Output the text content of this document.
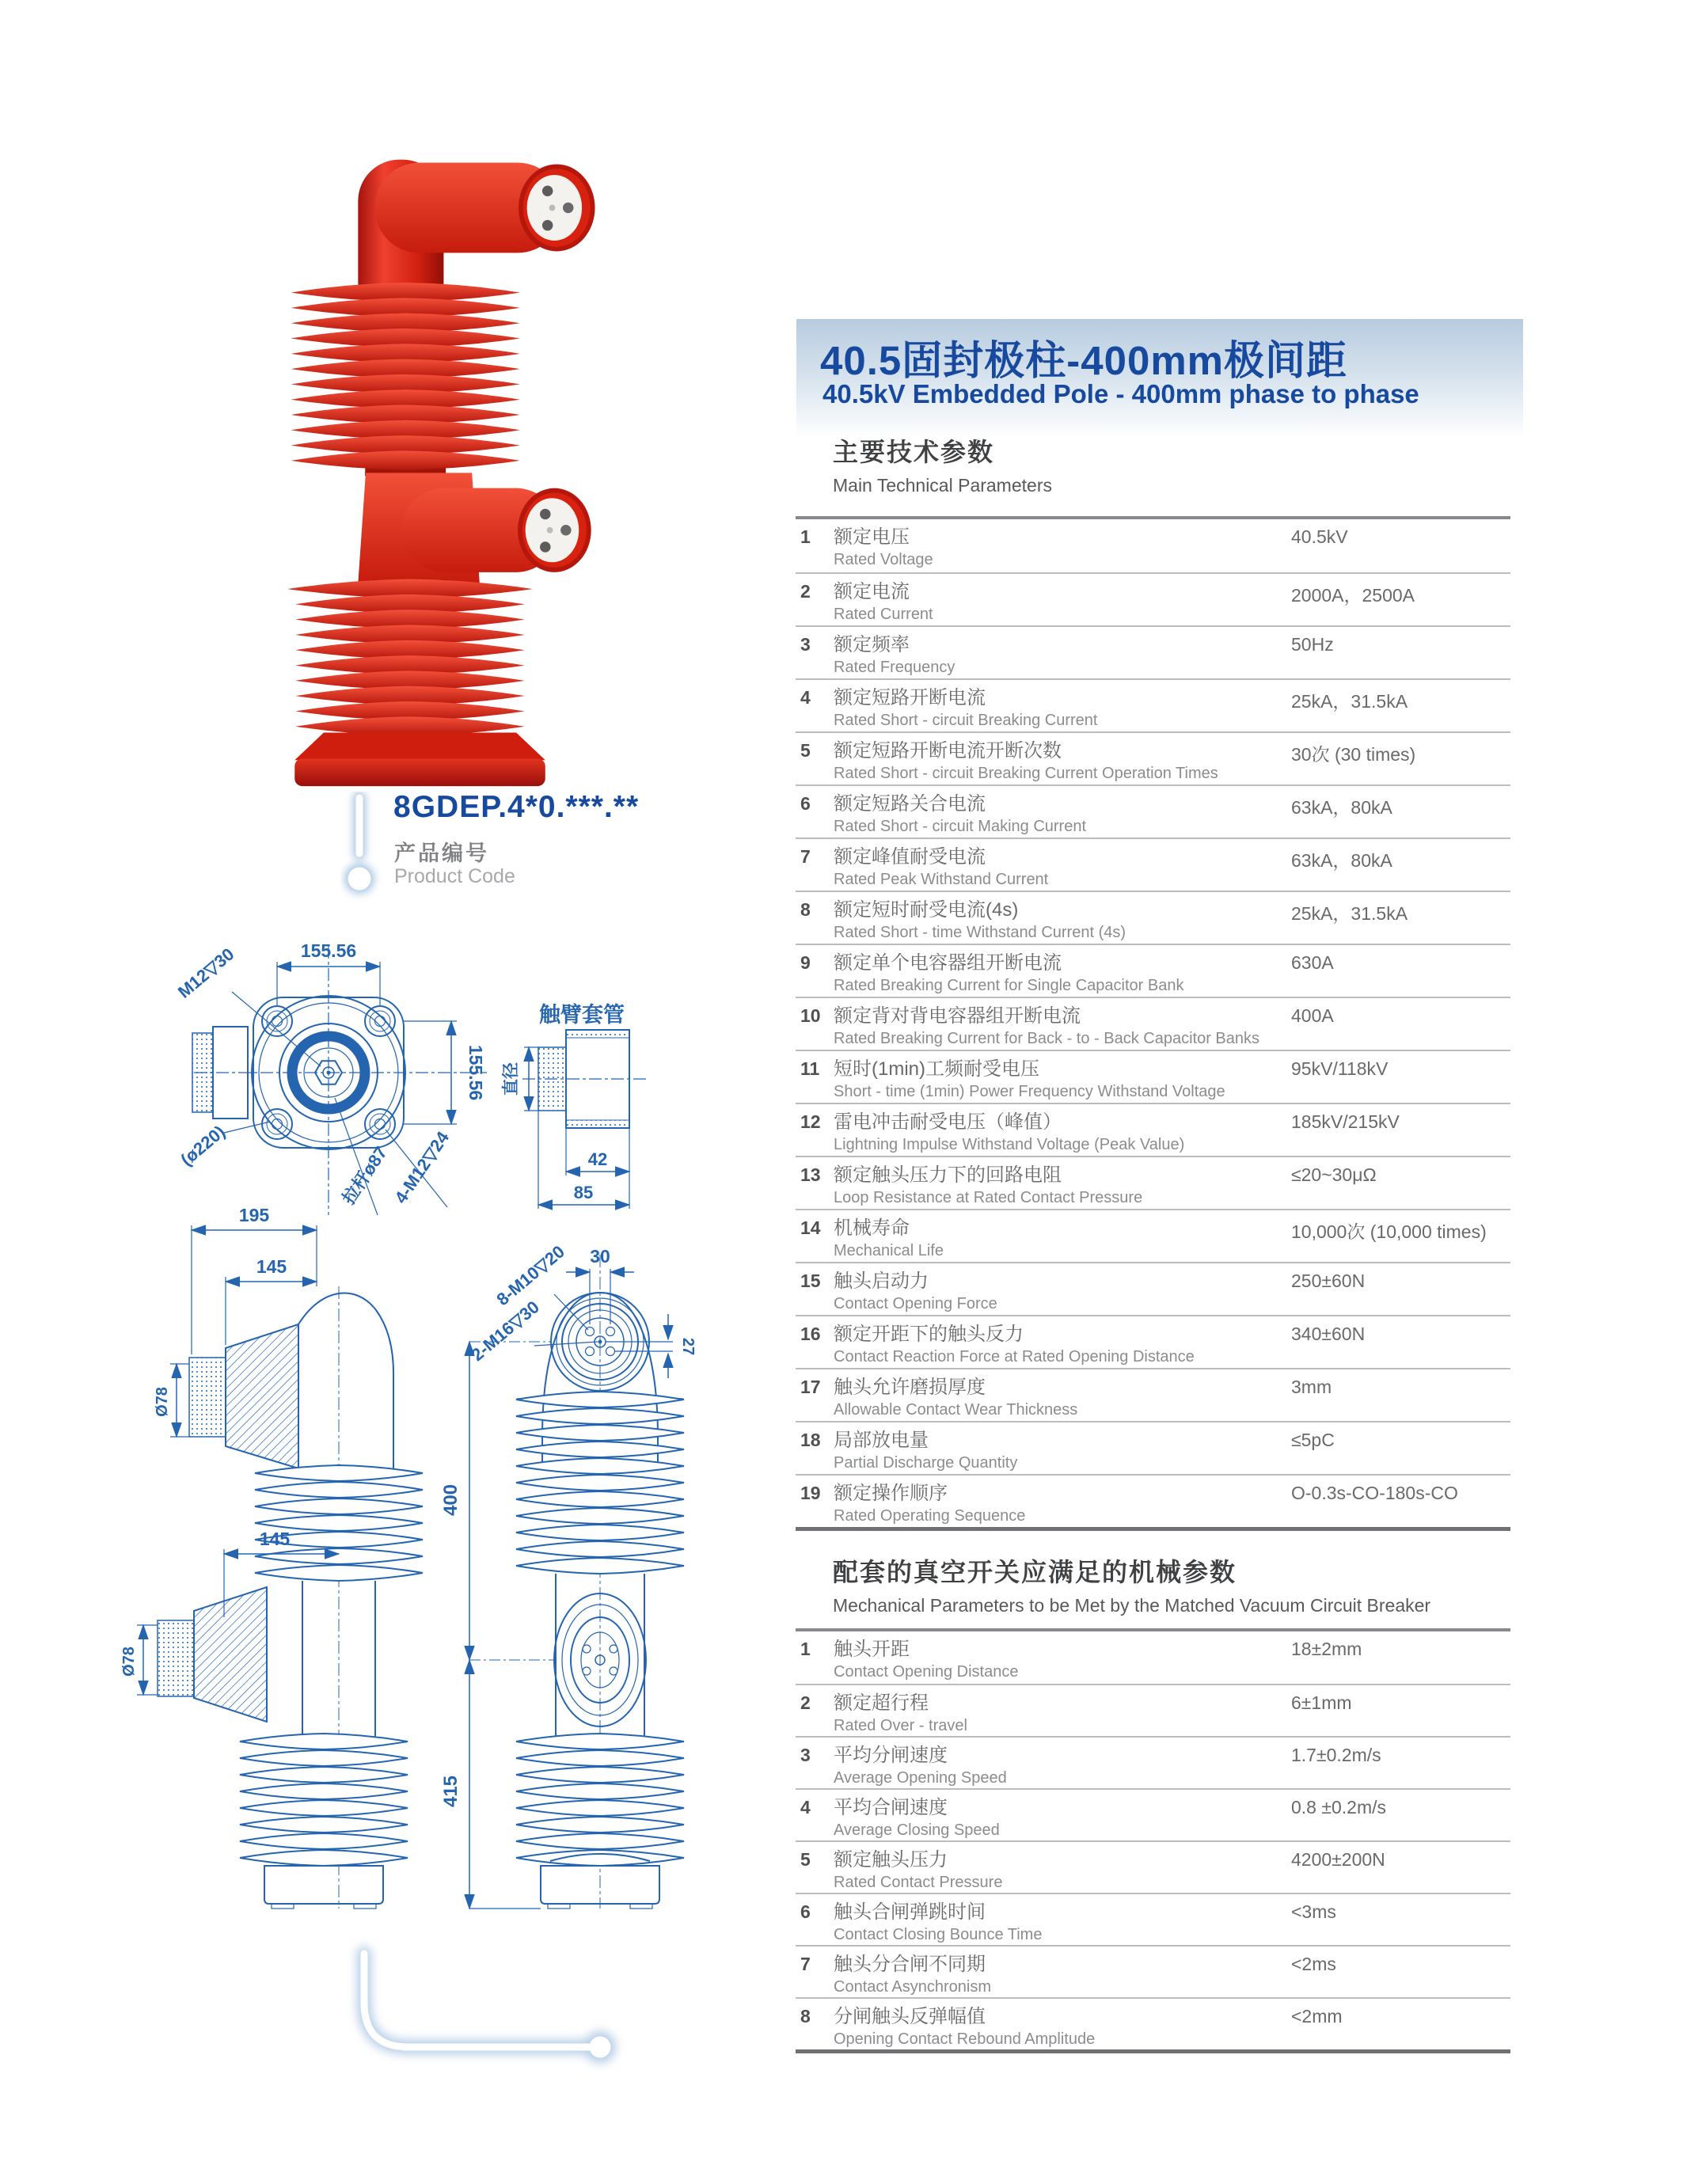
8GDEP.4*0.***.**
产品编号
Product Code
155.56
155.56
M12▽30
(ø220)	拉杆ø87 4-M12▽24
触臂套管
直径
42
85
195
145
Ø78
145
Ø78
8-M10▽20
2-M16▽30
30
27
400
415
40.5固封极柱-400mm极间距
40.5kV Embedded Pole - 400mm phase to phase
主要技术参数
Main Technical Parameters
1	额定电压
Rated Voltage
40.5kV
2	额定电流
Rated Current
2000A，2500A
3	额定频率
Rated Frequency
50Hz
4	额定短路开断电流
Rated Short - circuit Breaking Current
25kA，31.5kA
5	额定短路开断电流开断次数
Rated Short - circuit Breaking Current Operation Times
30次 (30 times)
6	额定短路关合电流
Rated Short - circuit Making Current
63kA，80kA
7	额定峰值耐受电流
Rated Peak Withstand Current
63kA，80kA
8	额定短时耐受电流(4s)
Rated Short - time Withstand Current (4s)
25kA，31.5kA
9	额定单个电容器组开断电流
Rated Breaking Current for Single Capacitor Bank
630A
10 额定背对背电容器组开断电流
Rated Breaking Current for Back - to - Back Capacitor Banks
400A
11 短时(1min)工频耐受电压
Short - time (1min) Power Frequency Withstand Voltage
95kV/118kV
12 雷电冲击耐受电压（峰值）
Lightning Impulse Withstand Voltage (Peak Value)
185kV/215kV
13 额定触头压力下的回路电阻
Loop Resistance at Rated Contact Pressure
≤20~30μΩ
14 机械寿命
Mechanical Life
10,000次 (10,000 times)
15 触头启动力
Contact Opening Force
250±60N
16 额定开距下的触头反力
Contact Reaction Force at Rated Opening Distance
340±60N
17 触头允许磨损厚度
Allowable Contact Wear Thickness
3mm
18 局部放电量
Partial Discharge Quantity
≤5pC
19 额定操作顺序
Rated Operating Sequence
O-0.3s-CO-180s-CO
配套的真空开关应满足的机械参数
Mechanical Parameters to be Met by the Matched Vacuum Circuit Breaker
1	触头开距
Contact Opening Distance
18±2mm
2	额定超行程
Rated Over - travel
6±1mm
3	平均分闸速度
Average Opening Speed
1.7±0.2m/s
4	平均合闸速度
Average Closing Speed
0.8 ±0.2m/s
5	额定触头压力
Rated Contact Pressure
4200±200N
6	触头合闸弹跳时间
Contact Closing Bounce Time
<3ms
7	触头分合闸不同期
Contact Asynchronism
<2ms
8	分闸触头反弹幅值
Opening Contact Rebound Amplitude
<2mm
